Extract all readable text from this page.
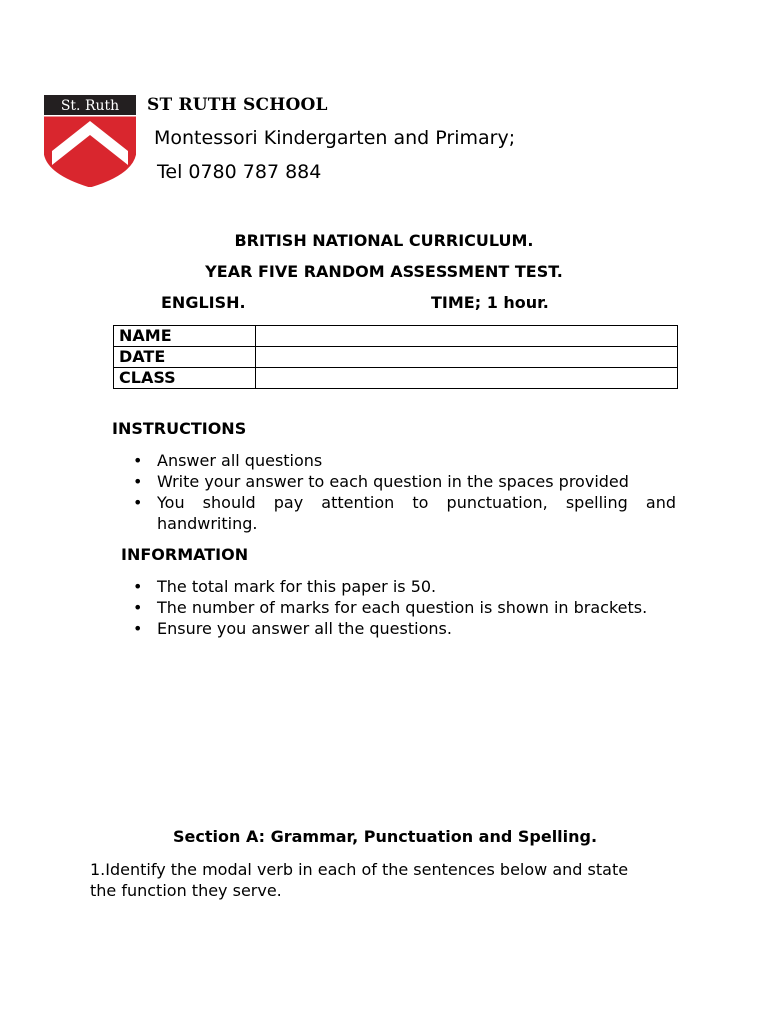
St. Ruth ST RUTH SCHOOL
Montessori Kindergarten and Primary;
Tel 0780 787 884
BRITISH NATIONAL CURRICULUM.
YEAR FIVE RANDOM ASSESSMENT TEST.
ENGLISH.	TIME; 1 hour.
NAME	
DATE	
CLASS	
INSTRUCTIONS
• Answer all questions
• Write your answer to each question in the spaces provided
• You should pay attention to punctuation, spelling and handwriting.
INFORMATION
• The total mark for this paper is 50.
• The number of marks for each question is shown in brackets.
• Ensure you answer all the questions.
Section A: Grammar, Punctuation and Spelling.
1.Identify the modal verb in each of the sentences below and state the function they serve.
